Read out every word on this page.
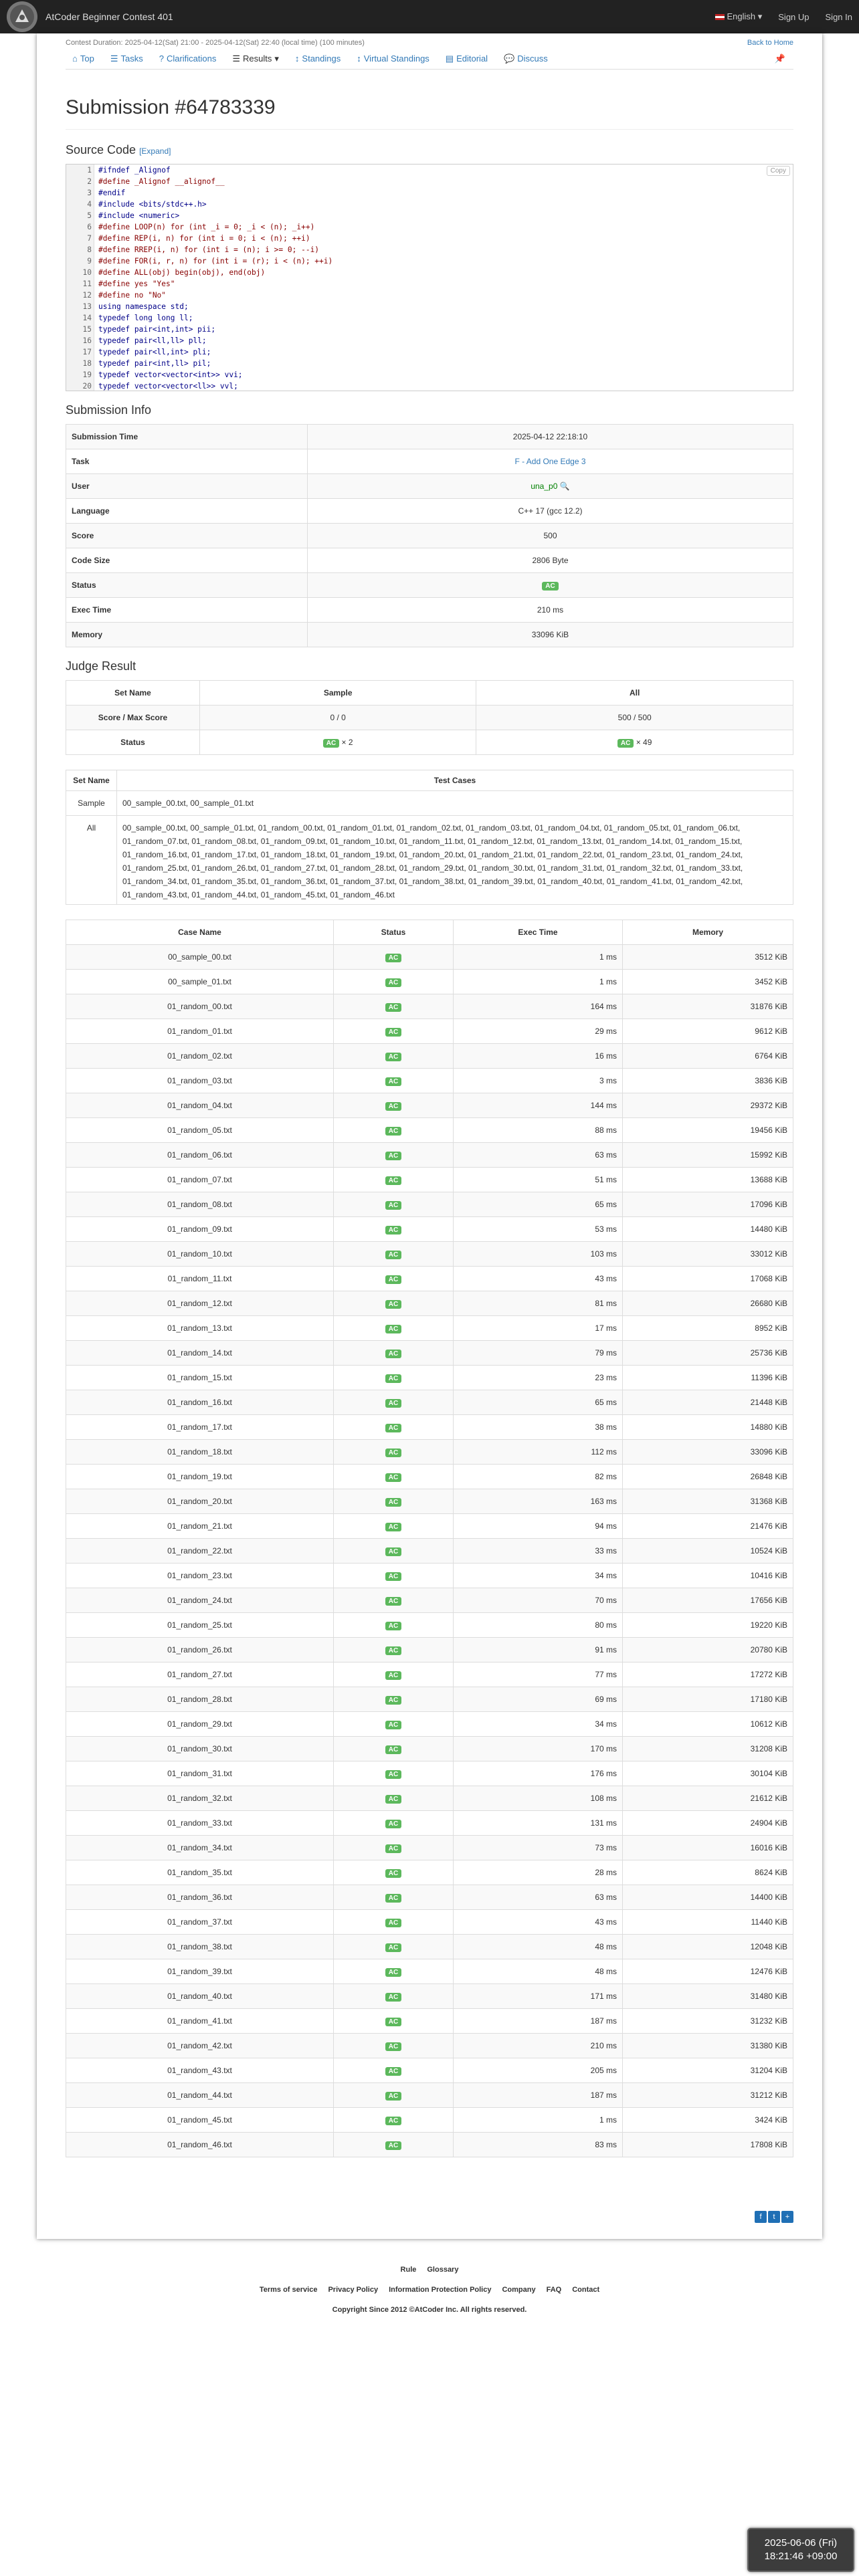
AtCoder Beginner Contest 401	English ▾ Sign Up Sign In
Contest Duration: 2025-04-12(Sat) 21:00 - 2025-04-12(Sat) 22:40 (local time) (100 minutes)	Back to Home
⌂ Top ☰ Tasks ? Clarifications ☰ Results ▾ ↕ Standings ↕ Virtual Standings ▤ Editorial 💬 Discuss	📌
Submission #64783339
Source Code [Expand]
Copy
1 #ifndef _Alignof
2 #define _Alignof __alignof__
3 #endif
4 #include <bits/stdc++.h>
5 #include <numeric>
6 #define LOOP(n) for (int _i = 0; _i < (n); _i++)
7 #define REP(i, n) for (int i = 0; i < (n); ++i)
8 #define RREP(i, n) for (int i = (n); i >= 0; --i)
9 #define FOR(i, r, n) for (int i = (r); i < (n); ++i)
10 #define ALL(obj) begin(obj), end(obj)
11 #define yes "Yes"
12 #define no "No"
13 using namespace std;
14 typedef long long ll;
15 typedef pair<int,int> pii;
16 typedef pair<ll,ll> pll;
17 typedef pair<ll,int> pli;
18 typedef pair<int,ll> pil;
19 typedef vector<vector<int>> vvi;
20 typedef vector<vector<ll>> vvl;
Submission Info
Submission Time	2025-04-12 22:18:10
Task	F - Add One Edge 3
User	una_p0 🔍
Language	C++ 17 (gcc 12.2)
Score	500
Code Size	2806 Byte
Status	AC
Exec Time	210 ms
Memory	33096 KiB
Judge Result
Set Name	Sample	All
Score / Max Score	0 / 0	500 / 500
Status	AC × 2	AC × 49
Set Name	Test Cases
Sample	00_sample_00.txt, 00_sample_01.txt
All	00_sample_00.txt, 00_sample_01.txt, 01_random_00.txt, 01_random_01.txt, 01_random_02.txt, 01_random_03.txt, 01_random_04.txt, 01_random_05.txt, 01_random_06.txt, 01_random_07.txt, 01_random_08.txt, 01_random_09.txt, 01_random_10.txt, 01_random_11.txt, 01_random_12.txt, 01_random_13.txt, 01_random_14.txt, 01_random_15.txt, 01_random_16.txt, 01_random_17.txt, 01_random_18.txt, 01_random_19.txt, 01_random_20.txt, 01_random_21.txt, 01_random_22.txt, 01_random_23.txt, 01_random_24.txt, 01_random_25.txt, 01_random_26.txt, 01_random_27.txt, 01_random_28.txt, 01_random_29.txt, 01_random_30.txt, 01_random_31.txt, 01_random_32.txt, 01_random_33.txt, 01_random_34.txt, 01_random_35.txt, 01_random_36.txt, 01_random_37.txt, 01_random_38.txt, 01_random_39.txt, 01_random_40.txt, 01_random_41.txt, 01_random_42.txt, 01_random_43.txt, 01_random_44.txt, 01_random_45.txt, 01_random_46.txt
Case Name	Status	Exec Time	Memory
00_sample_00.txt	AC	1 ms	3512 KiB
00_sample_01.txt	AC	1 ms	3452 KiB
01_random_00.txt	AC	164 ms	31876 KiB
01_random_01.txt	AC	29 ms	9612 KiB
01_random_02.txt	AC	16 ms	6764 KiB
01_random_03.txt	AC	3 ms	3836 KiB
01_random_04.txt	AC	144 ms	29372 KiB
01_random_05.txt	AC	88 ms	19456 KiB
01_random_06.txt	AC	63 ms	15992 KiB
01_random_07.txt	AC	51 ms	13688 KiB
01_random_08.txt	AC	65 ms	17096 KiB
01_random_09.txt	AC	53 ms	14480 KiB
01_random_10.txt	AC	103 ms	33012 KiB
01_random_11.txt	AC	43 ms	17068 KiB
01_random_12.txt	AC	81 ms	26680 KiB
01_random_13.txt	AC	17 ms	8952 KiB
01_random_14.txt	AC	79 ms	25736 KiB
01_random_15.txt	AC	23 ms	11396 KiB
01_random_16.txt	AC	65 ms	21448 KiB
01_random_17.txt	AC	38 ms	14880 KiB
01_random_18.txt	AC	112 ms	33096 KiB
01_random_19.txt	AC	82 ms	26848 KiB
01_random_20.txt	AC	163 ms	31368 KiB
01_random_21.txt	AC	94 ms	21476 KiB
01_random_22.txt	AC	33 ms	10524 KiB
01_random_23.txt	AC	34 ms	10416 KiB
01_random_24.txt	AC	70 ms	17656 KiB
01_random_25.txt	AC	80 ms	19220 KiB
01_random_26.txt	AC	91 ms	20780 KiB
01_random_27.txt	AC	77 ms	17272 KiB
01_random_28.txt	AC	69 ms	17180 KiB
01_random_29.txt	AC	34 ms	10612 KiB
01_random_30.txt	AC	170 ms	31208 KiB
01_random_31.txt	AC	176 ms	30104 KiB
01_random_32.txt	AC	108 ms	21612 KiB
01_random_33.txt	AC	131 ms	24904 KiB
01_random_34.txt	AC	73 ms	16016 KiB
01_random_35.txt	AC	28 ms	8624 KiB
01_random_36.txt	AC	63 ms	14400 KiB
01_random_37.txt	AC	43 ms	11440 KiB
01_random_38.txt	AC	48 ms	12048 KiB
01_random_39.txt	AC	48 ms	12476 KiB
01_random_40.txt	AC	171 ms	31480 KiB
01_random_41.txt	AC	187 ms	31232 KiB
01_random_42.txt	AC	210 ms	31380 KiB
01_random_43.txt	AC	205 ms	31204 KiB
01_random_44.txt	AC	187 ms	31212 KiB
01_random_45.txt	AC	1 ms	3424 KiB
01_random_46.txt	AC	83 ms	17808 KiB
f	t	+
Rule Glossary
Terms of service Privacy Policy Information Protection Policy Company FAQ Contact
Copyright Since 2012 ©AtCoder Inc. All rights reserved.
2025-06-06 (Fri)
18:21:46 +09:00
